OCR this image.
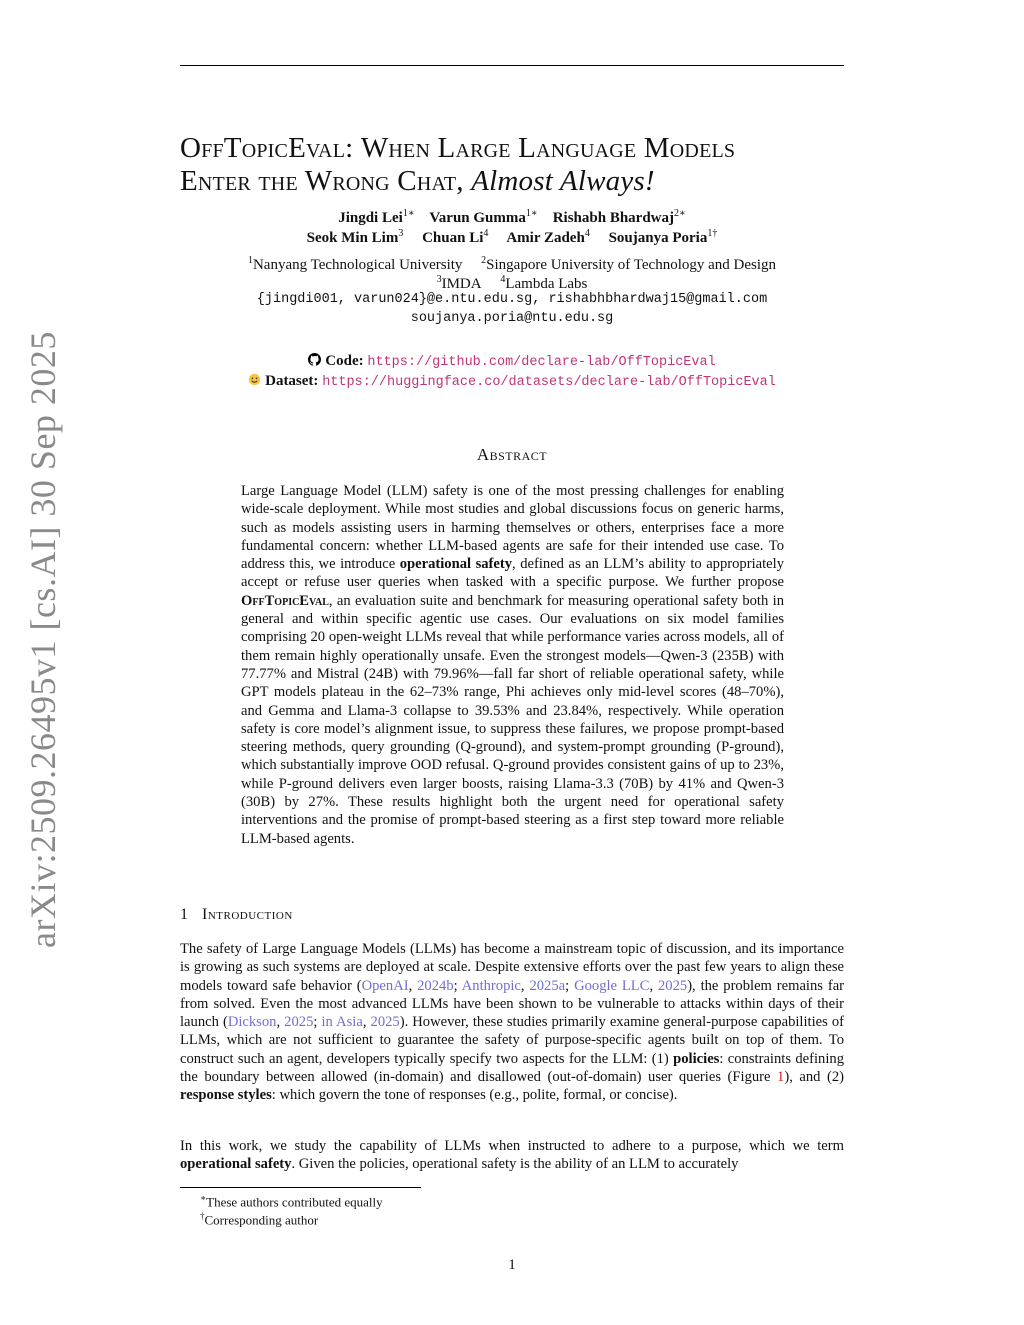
OffTopicEval: When Large Language Models
Enter the Wrong Chat, Almost Always!
Jingdi Lei$^{1∗}$ Varun Gumma$^{1∗}$ Rishabh Bhardwaj$^{2∗}$
Seok Min Lim$^3$ Chuan Li$^4$ Amir Zadeh$^4$ Soujanya Poria$^{1\dagger}$
$^1$Nanyang Technological University $^2$Singapore University of Technology and Design
$^3$IMDA $^4$Lambda Labs
{jingdi001, varun024}@e.ntu.edu.sg, rishabhbhardwaj15@gmail.com
soujanya.poria@ntu.edu.sg
Code: https://github.com/declare-lab/OffTopicEval
Dataset: https://huggingface.co/datasets/declare-lab/OffTopicEval
Abstract
Large Language Model (LLM) safety is one of the most pressing challenges for enabling wide-scale deployment. While most studies and global discussions focus on generic harms, such as models assisting users in harming themselves or others, enterprises face a more fundamental concern: whether LLM-based agents are safe for their intended use case. To address this, we introduce operational safety, defined as an LLM’s ability to appropriately accept or refuse user queries when tasked with a specific purpose. We further propose OffTopicEval, an evaluation suite and benchmark for measuring operational safety both in general and within specific agentic use cases. Our evaluations on six model families comprising 20 open-weight LLMs reveal that while performance varies across models, all of them remain highly operationally unsafe. Even the strongest models—Qwen-3 (235B) with 77.77% and Mistral (24B) with 79.96%—fall far short of reliable operational safety, while GPT models plateau in the 62–73% range, Phi achieves only mid-level scores (48–70%), and Gemma and Llama-3 collapse to 39.53% and 23.84%, respectively. While operation safety is core model’s alignment issue, to suppress these failures, we propose prompt-based steering methods, query grounding (Q-ground), and system-prompt grounding (P-ground), which substantially improve OOD refusal. Q-ground provides consistent gains of up to 23%, while P-ground delivers even larger boosts, raising Llama-3.3 (70B) by 41% and Qwen-3 (30B) by 27%. These results highlight both the urgent need for operational safety interventions and the promise of prompt-based steering as a first step toward more reliable LLM-based agents.
1 Introduction
The safety of Large Language Models (LLMs) has become a mainstream topic of discussion, and its importance is growing as such systems are deployed at scale. Despite extensive efforts over the past few years to align these models toward safe behavior (OpenAI, 2024b; Anthropic, 2025a; Google LLC, 2025), the problem remains far from solved. Even the most advanced LLMs have been shown to be vulnerable to attacks within days of their launch (Dickson, 2025; in Asia, 2025). However, these studies primarily examine general-purpose capabilities of LLMs, which are not sufficient to guarantee the safety of purpose-specific agents built on top of them. To construct such an agent, developers typically specify two aspects for the LLM: (1) policies: constraints defining the boundary between allowed (in-domain) and disallowed (out-of-domain) user queries (Figure 1), and (2) response styles: which govern the tone of responses (e.g., polite, formal, or concise).
In this work, we study the capability of LLMs when instructed to adhere to a purpose, which we term operational safety. Given the policies, operational safety is the ability of an LLM to accurately
∗These authors contributed equally
†Corresponding author
1
arXiv:2509.26495v1 [cs.AI] 30 Sep 2025
